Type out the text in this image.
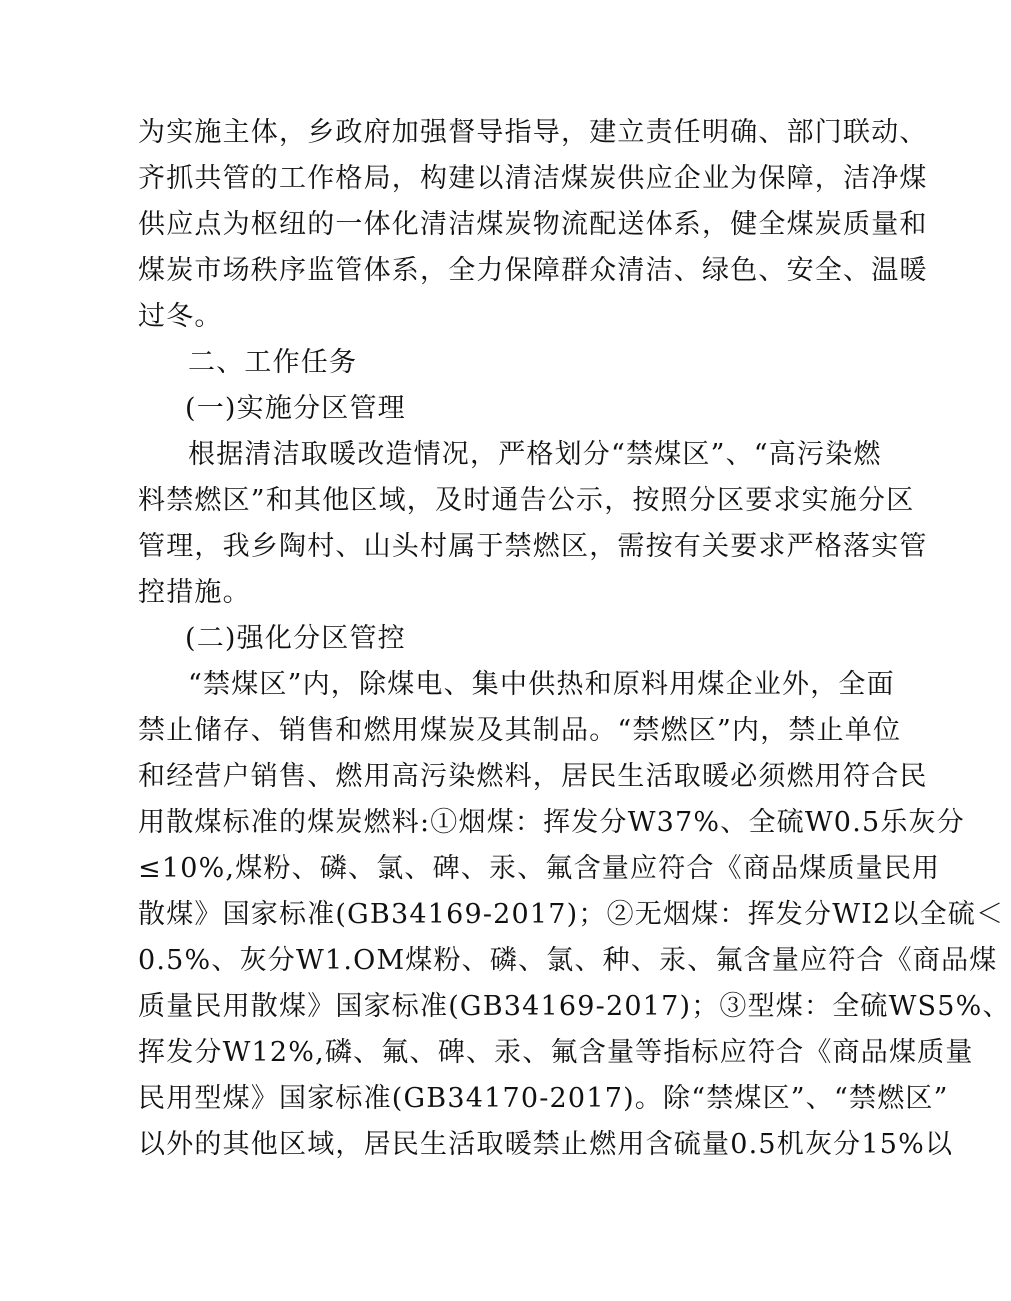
为实施主体，乡政府加强督导指导，建立责任明确、部门联动、
齐抓共管的工作格局，构建以清洁煤炭供应企业为保障，洁净煤
供应点为枢纽的一体化清洁煤炭物流配送体系，健全煤炭质量和
煤炭市场秩序监管体系，全力保障群众清洁、绿色、安全、温暖
过冬。
二、工作任务
(一)实施分区管理
根据清洁取暖改造情况，严格划分“禁煤区”、“高污染燃
料禁燃区”和其他区域，及时通告公示，按照分区要求实施分区
管理，我乡陶村、山头村属于禁燃区，需按有关要求严格落实管
控措施。
(二)强化分区管控
“禁煤区”内，除煤电、集中供热和原料用煤企业外，全面
禁止储存、销售和燃用煤炭及其制品。“禁燃区”内，禁止单位
和经营户销售、燃用高污染燃料，居民生活取暖必须燃用符合民
用散煤标准的煤炭燃料:①烟煤：挥发分W37%、全硫W0.5乐灰分
≤10%,煤粉、磷、氯、碑、汞、氟含量应符合《商品煤质量民用
散煤》国家标准(GB34169-2017)；②无烟煤：挥发分WI2以全硫＜
0.5%、灰分W1.OM煤粉、磷、氯、种、汞、氟含量应符合《商品煤
质量民用散煤》国家标准(GB34169-2017)；③型煤：全硫WS5%、
挥发分W12%,磷、氟、碑、汞、氟含量等指标应符合《商品煤质量
民用型煤》国家标准(GB34170-2017)。除“禁煤区”、“禁燃区”
以外的其他区域，居民生活取暖禁止燃用含硫量0.5机灰分15%以
